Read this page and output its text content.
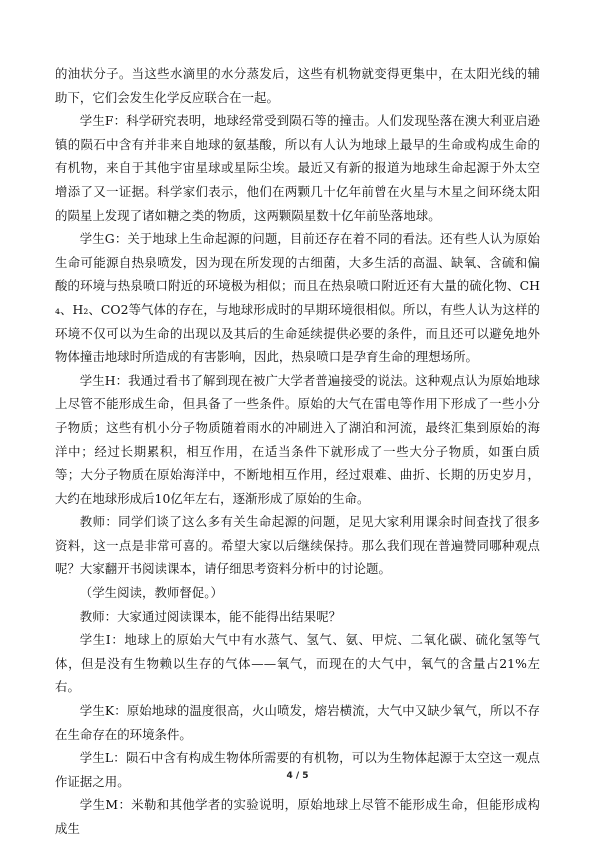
的油状分子。当这些水滴里的水分蒸发后，这些有机物就变得更集中，在太阳光线的辅助下，它们会发生化学反应联合在一起。

学生F：科学研究表明，地球经常受到陨石等的撞击。人们发现坠落在澳大利亚启逊镇的陨石中含有并非来自地球的氨基酸，所以有人认为地球上最早的生命或构成生命的有机物，来自于其他宇宙星球或星际尘埃。最近又有新的报道为地球生命起源于外太空增添了又一证据。科学家们表示，他们在两颗几十亿年前曾在火星与木星之间环绕太阳的陨星上发现了诸如糖之类的物质，这两颗陨星数十亿年前坠落地球。

学生G：关于地球上生命起源的问题，目前还存在着不同的看法。还有些人认为原始生命可能源自热泉喷发，因为现在所发现的古细菌，大多生活的高温、缺氧、含硫和偏酸的环境与热泉喷口附近的环境极为相似；而且在热泉喷口附近还有大量的硫化物、CH₄、H₂、CO2等气体的存在，与地球形成时的早期环境很相似。所以，有些人认为这样的环境不仅可以为生命的出现以及其后的生命延续提供必要的条件，而且还可以避免地外物体撞击地球时所造成的有害影响，因此，热泉喷口是孕育生命的理想场所。

学生H：我通过看书了解到现在被广大学者普遍接受的说法。这种观点认为原始地球上尽管不能形成生命，但具备了一些条件。原始的大气在雷电等作用下形成了一些小分子物质；这些有机小分子物质随着雨水的冲刷进入了湖泊和河流，最终汇集到原始的海洋中；经过长期累积，相互作用，在适当条件下就形成了一些大分子物质，如蛋白质等；大分子物质在原始海洋中，不断地相互作用，经过艰难、曲折、长期的历史岁月，大约在地球形成后10亿年左右，逐渐形成了原始的生命。

教师：同学们谈了这么多有关生命起源的问题，足见大家利用课余时间查找了很多资料，这一点是非常可喜的。希望大家以后继续保持。那么我们现在普遍赞同哪种观点呢？大家翻开书阅读课本，请仔细思考资料分析中的讨论题。

（学生阅读，教师督促。）

教师：大家通过阅读课本，能不能得出结果呢？

学生I：地球上的原始大气中有水蒸气、氢气、氨、甲烷、二氧化碳、硫化氢等气体，但是没有生物赖以生存的气体——氧气，而现在的大气中，氧气的含量占21%左右。

学生K：原始地球的温度很高，火山喷发，熔岩横流，大气中又缺少氧气，所以不存在生命存在的环境条件。

学生L：陨石中含有构成生物体所需要的有机物，可以为生物体起源于太空这一观点作证据之用。

学生M：米勒和其他学者的实验说明，原始地球上尽管不能形成生命，但能形成构成生

4 / 5
